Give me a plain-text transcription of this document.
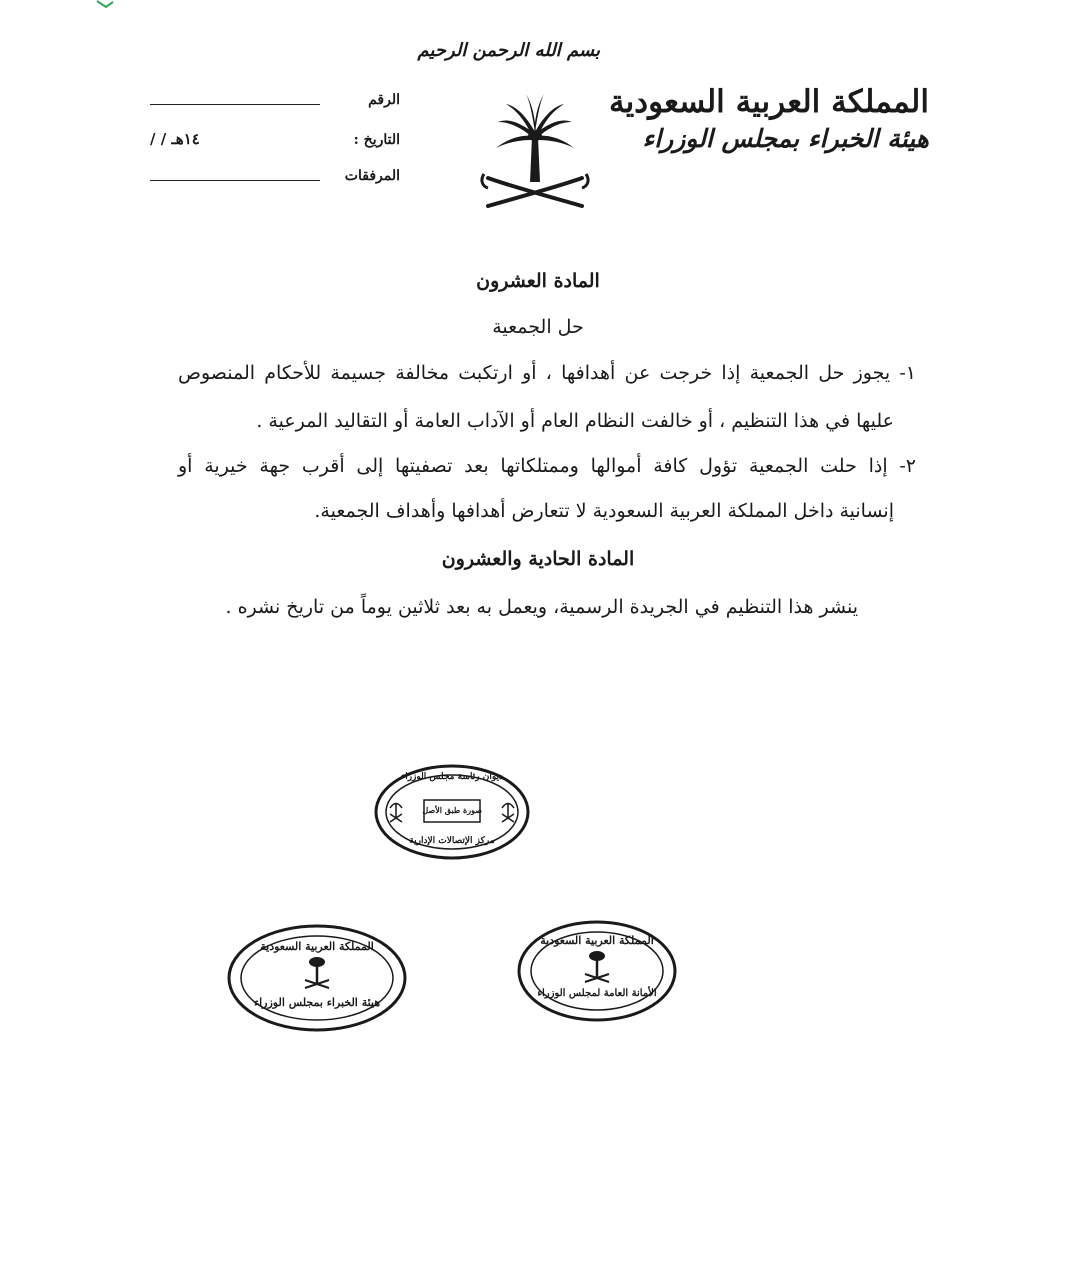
المملكة العربية السعودية
هيئة الخبراء بمجلس الوزراء
بسم الله الرحمن الرحيم
الرقم
التاريخ :
/ / ١٤هـ
المرفقات
المادة العشرون
حل الجمعية
١- يجوز حل الجمعية إذا خرجت عن أهدافها ، أو ارتكبت مخالفة جسيمة للأحكام المنصوص
عليها في هذا التنظيم ، أو خالفت النظام العام أو الآداب العامة أو التقاليد المرعية .
٢- إذا حلت الجمعية تؤول كافة أموالها وممتلكاتها بعد تصفيتها إلى أقرب جهة خيرية أو
إنسانية داخل المملكة العربية السعودية لا تتعارض أهدافها وأهداف الجمعية.
المادة الحادية والعشرون
ينشر هذا التنظيم في الجريدة الرسمية، ويعمل به بعد ثلاثين يوماً من تاريخ نشره .
ديوان رئاسة مجلس الوزراء
صورة طبق الأصل
مركز الإتصالات الإدارية
المملكة العربية السعودية
هيئة الخبراء بمجلس الوزراء
المملكة العربية السعودية
الأمانة العامة لمجلس الوزراء
